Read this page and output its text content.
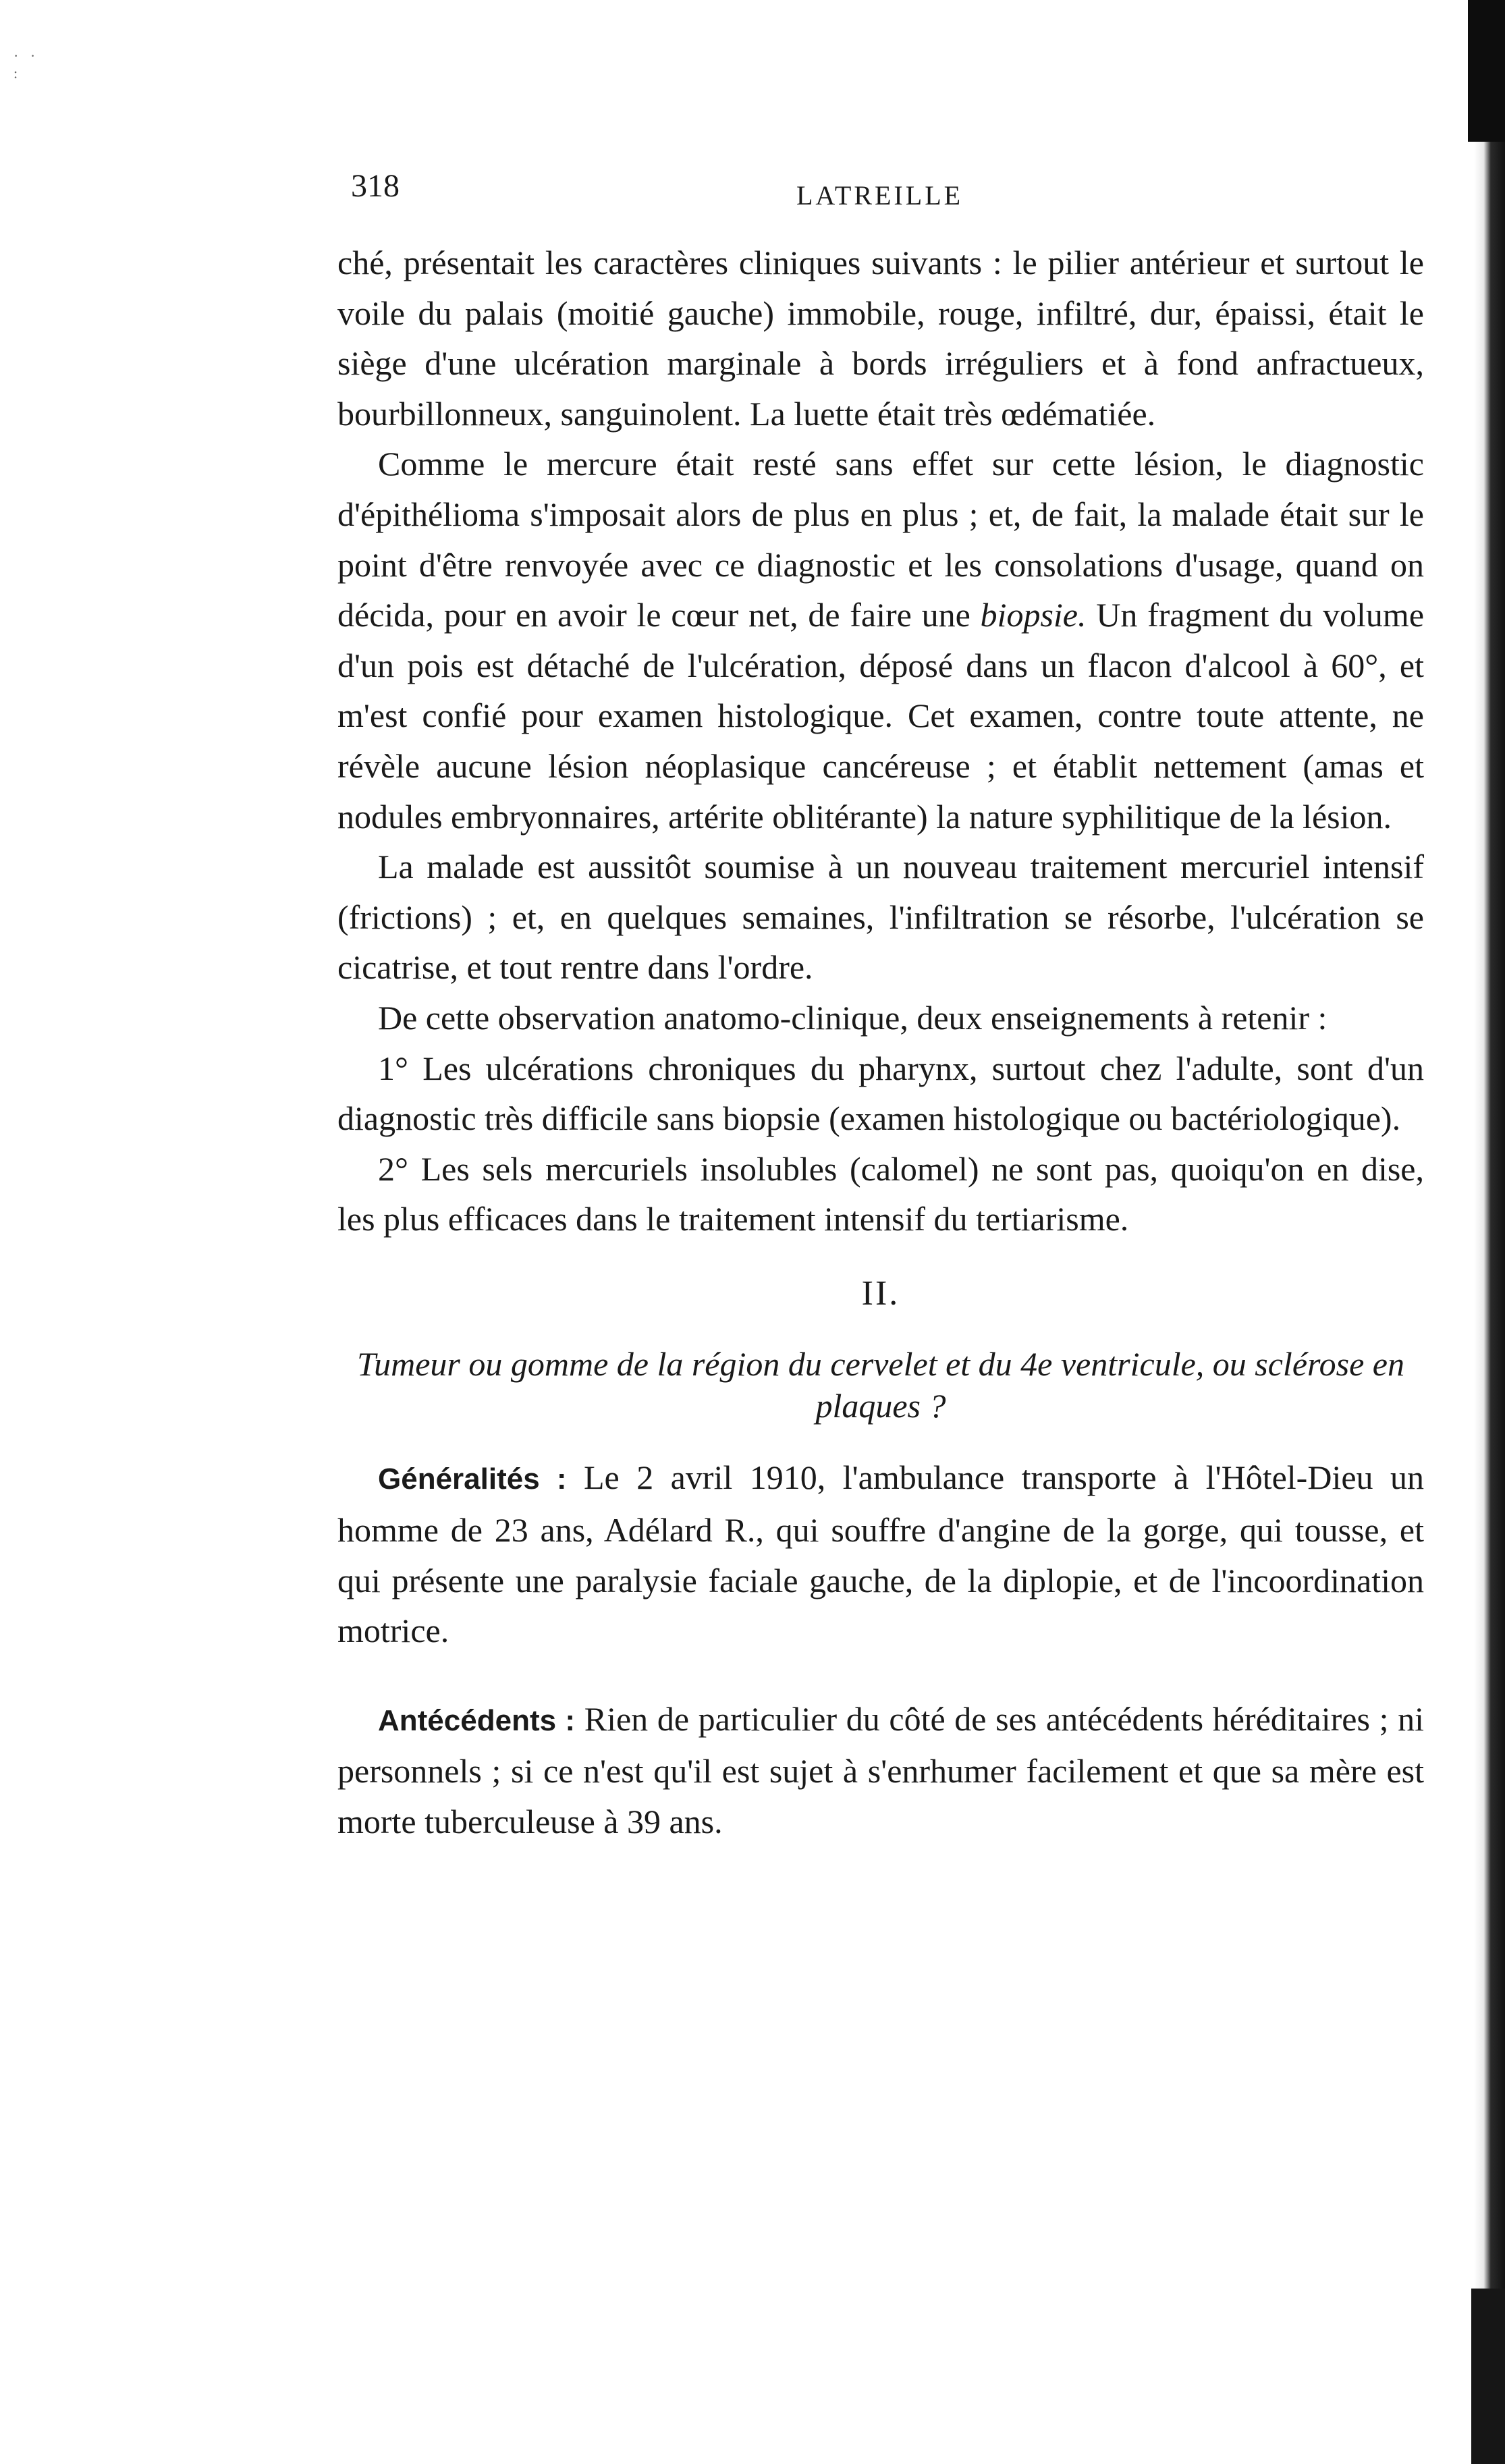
· · :
318	LATREILLE

ché, présentait les caractères cliniques suivants : le pilier antérieur et surtout le voile du palais (moitié gauche) immobile, rouge, infiltré, dur, épaissi, était le siège d'une ulcération marginale à bords irréguliers et à fond anfractueux, bourbillonneux, sanguinolent. La luette était très œdématiée.

Comme le mercure était resté sans effet sur cette lésion, le diagnostic d'épithélioma s'imposait alors de plus en plus ; et, de fait, la malade était sur le point d'être renvoyée avec ce diagnostic et les consolations d'usage, quand on décida, pour en avoir le cœur net, de faire une biopsie. Un fragment du volume d'un pois est détaché de l'ulcération, déposé dans un flacon d'alcool à 60°, et m'est confié pour examen histologique. Cet examen, contre toute attente, ne révèle aucune lésion néoplasique cancéreuse ; et établit nettement (amas et nodules embryonnaires, artérite oblitérante) la nature syphilitique de la lésion.

La malade est aussitôt soumise à un nouveau traitement mercuriel intensif (frictions) ; et, en quelques semaines, l'infiltration se résorbe, l'ulcération se cicatrise, et tout rentre dans l'ordre.

De cette observation anatomo-clinique, deux enseignements à retenir :

1° Les ulcérations chroniques du pharynx, surtout chez l'adulte, sont d'un diagnostic très difficile sans biopsie (examen histologique ou bactériologique).

2° Les sels mercuriels insolubles (calomel) ne sont pas, quoiqu'on en dise, les plus efficaces dans le traitement intensif du tertiarisme.

II.

Tumeur ou gomme de la région du cervelet et du 4e ventricule, ou sclérose en plaques ?

Généralités : Le 2 avril 1910, l'ambulance transporte à l'Hôtel-Dieu un homme de 23 ans, Adélard R., qui souffre d'angine de la gorge, qui tousse, et qui présente une paralysie faciale gauche, de la diplopie, et de l'incoordination motrice.

Antécédents : Rien de particulier du côté de ses antécédents héréditaires ; ni personnels ; si ce n'est qu'il est sujet à s'enrhumer facilement et que sa mère est morte tuberculeuse à 39 ans.
